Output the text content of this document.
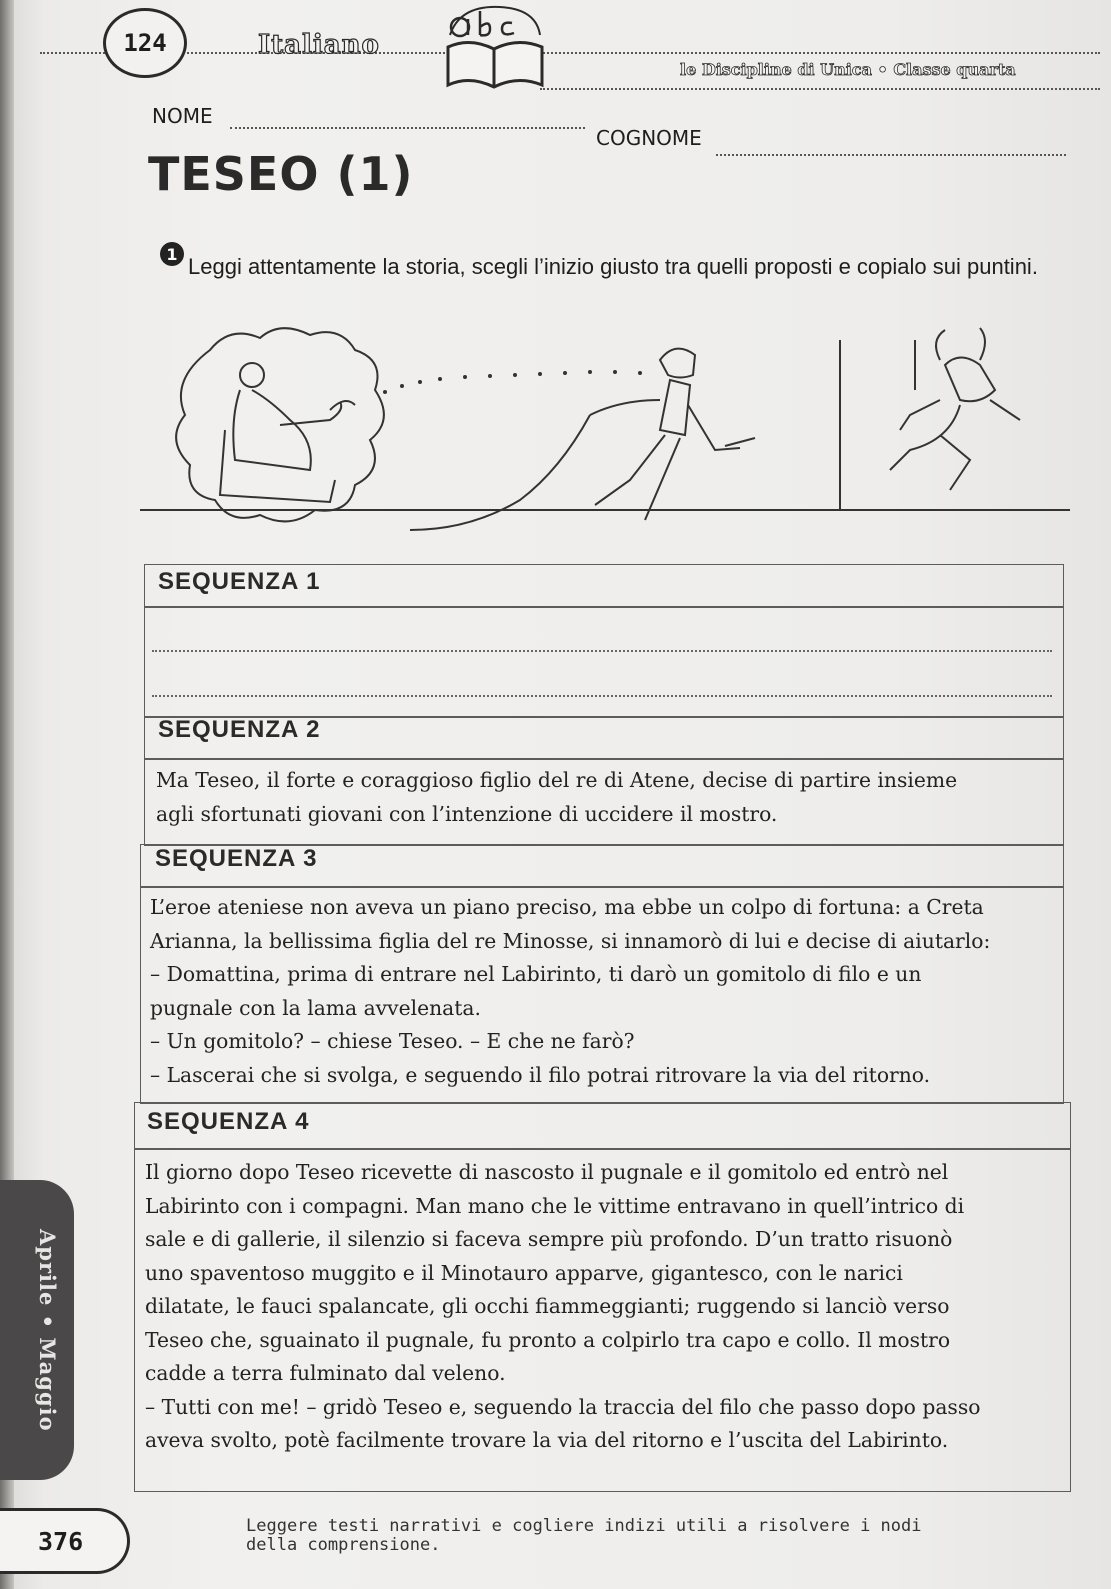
124	Italiano
le Discipline di Unica • Classe quarta
NOME
COGNOME
TESEO (1)
1 Leggi attentamente la storia, scegli l’inizio giusto tra quelli proposti e copialo sui puntini.
SEQUENZA 1
SEQUENZA 2

Ma Teseo, il forte e coraggioso figlio del re di Atene, decise di partire insieme

agli sfortunati giovani con l’intenzione di uccidere il mostro.

SEQUENZA 3

L’eroe ateniese non aveva un piano preciso, ma ebbe un colpo di fortuna: a Creta

Arianna, la bellissima figlia del re Minosse, si innamorò di lui e decise di aiutarlo:

– Domattina, prima di entrare nel Labirinto, ti darò un gomitolo di filo e un

pugnale con la lama avvelenata.

– Un gomitolo? – chiese Teseo. – E che ne farò?

– Lascerai che si svolga, e seguendo il filo potrai ritrovare la via del ritorno.

SEQUENZA 4

Il giorno dopo Teseo ricevette di nascosto il pugnale e il gomitolo ed entrò nel

Labirinto con i compagni. Man mano che le vittime entravano in quell’intrico di

sale e di gallerie, il silenzio si faceva sempre più profondo. D’un tratto risuonò

uno spaventoso muggito e il Minotauro apparve, gigantesco, con le narici

dilatate, le fauci spalancate, gli occhi fiammeggianti; ruggendo si lanciò verso

Teseo che, sguainato il pugnale, fu pronto a colpirlo tra capo e collo. Il mostro

cadde a terra fulminato dal veleno.

– Tutti con me! – gridò Teseo e, seguendo la traccia del filo che passo dopo passo

aveva svolto, potè facilmente trovare la via del ritorno e l’uscita del Labirinto.

Aprile • Maggio
376
Leggere testi narrativi e cogliere indizi utili a risolvere i nodi
della comprensione.
